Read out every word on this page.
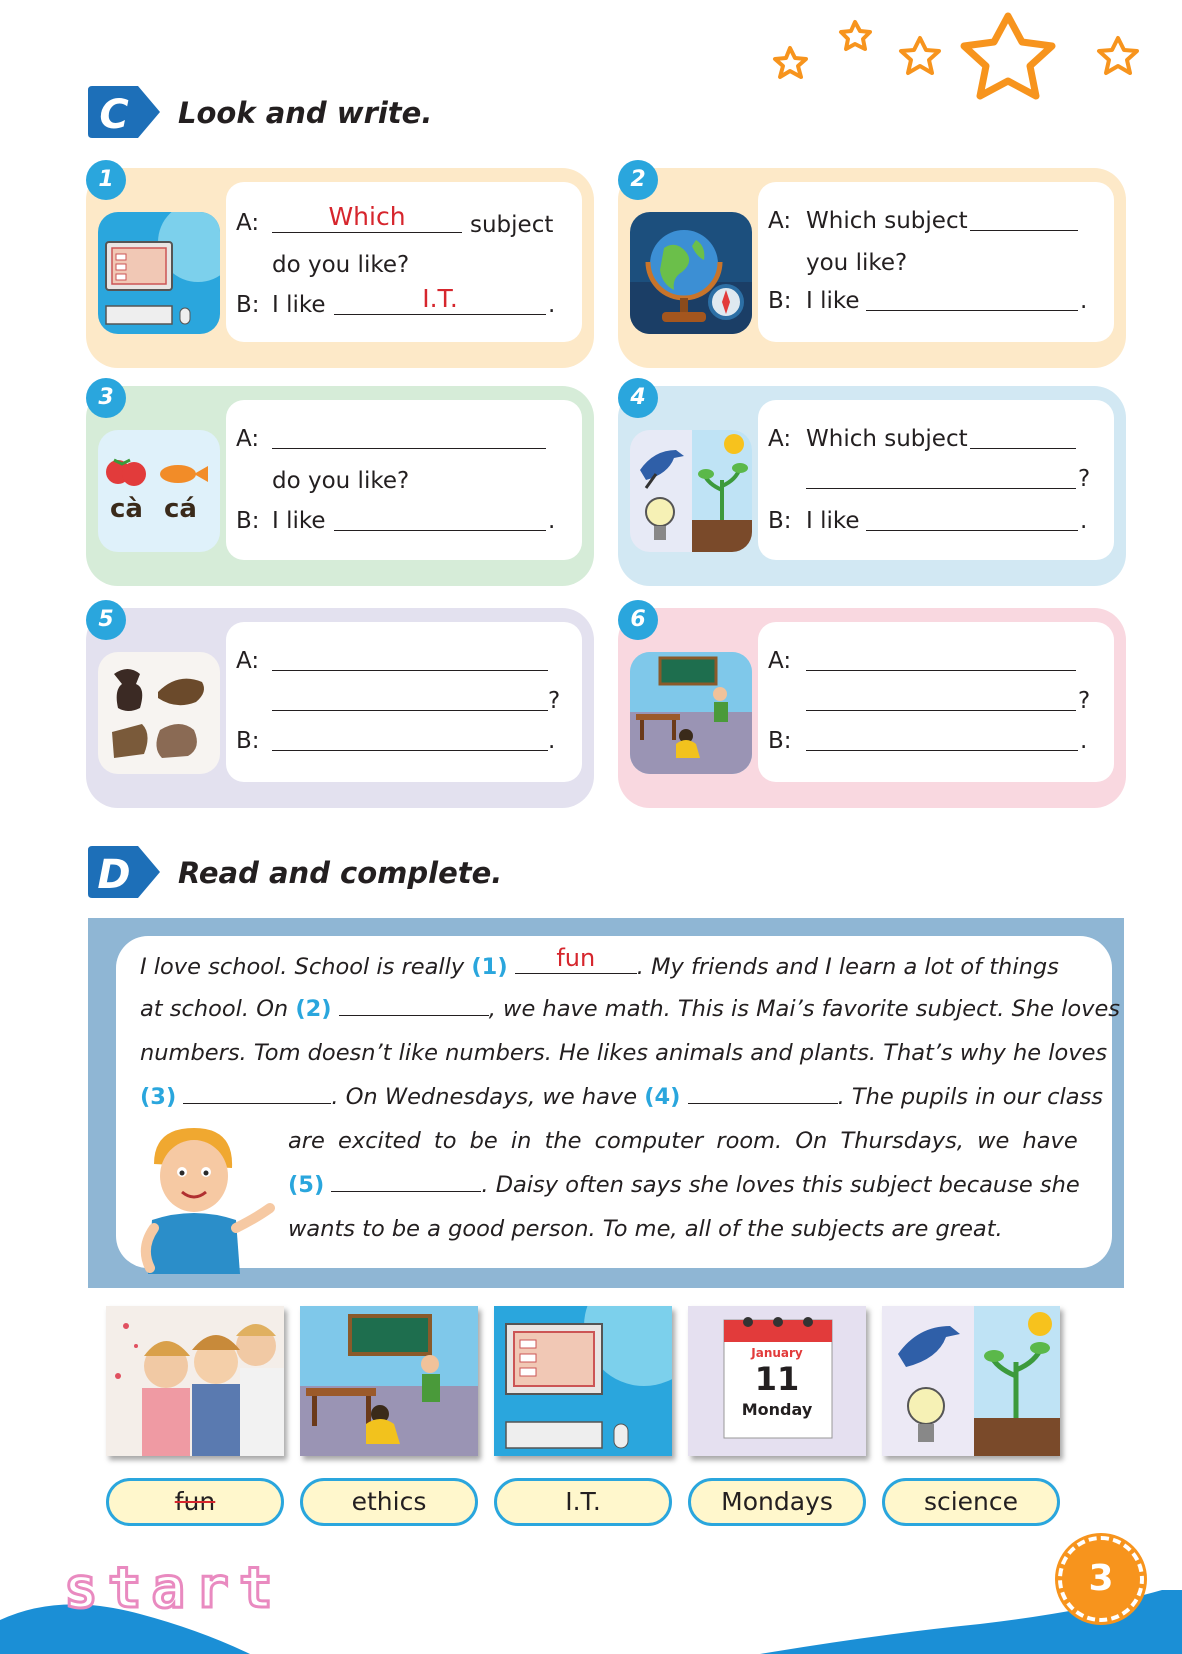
C Look and write.
A:	Which	subject
do you like?
B: I like	I.T.	.
1
A: Which subject
you like?
B: I like	.
2
cà cá
A:
do you like?
B: I like	.
3
A: Which subject
?
B: I like	.
4
A:
?
B:	.
5
A:
?
B:	.
6
D Read and complete.
I love school. School is really (1)	fun	. My friends and I learn a lot of things
at school. On (2)	, we have math. This is Mai’s favorite subject. She loves
numbers. Tom doesn’t like numbers. He likes animals and plants. That’s why he loves
(3)	. On Wednesdays, we have (4)	. The pupils in our class
are excited to be in the computer room. On Thursdays, we have
(5)	. Daisy often says she loves this subject because she
wants to be a good person. To me, all of the subjects are great.
January
11
Monday
fun	ethics	I.T.	Mondays	science
start	3
